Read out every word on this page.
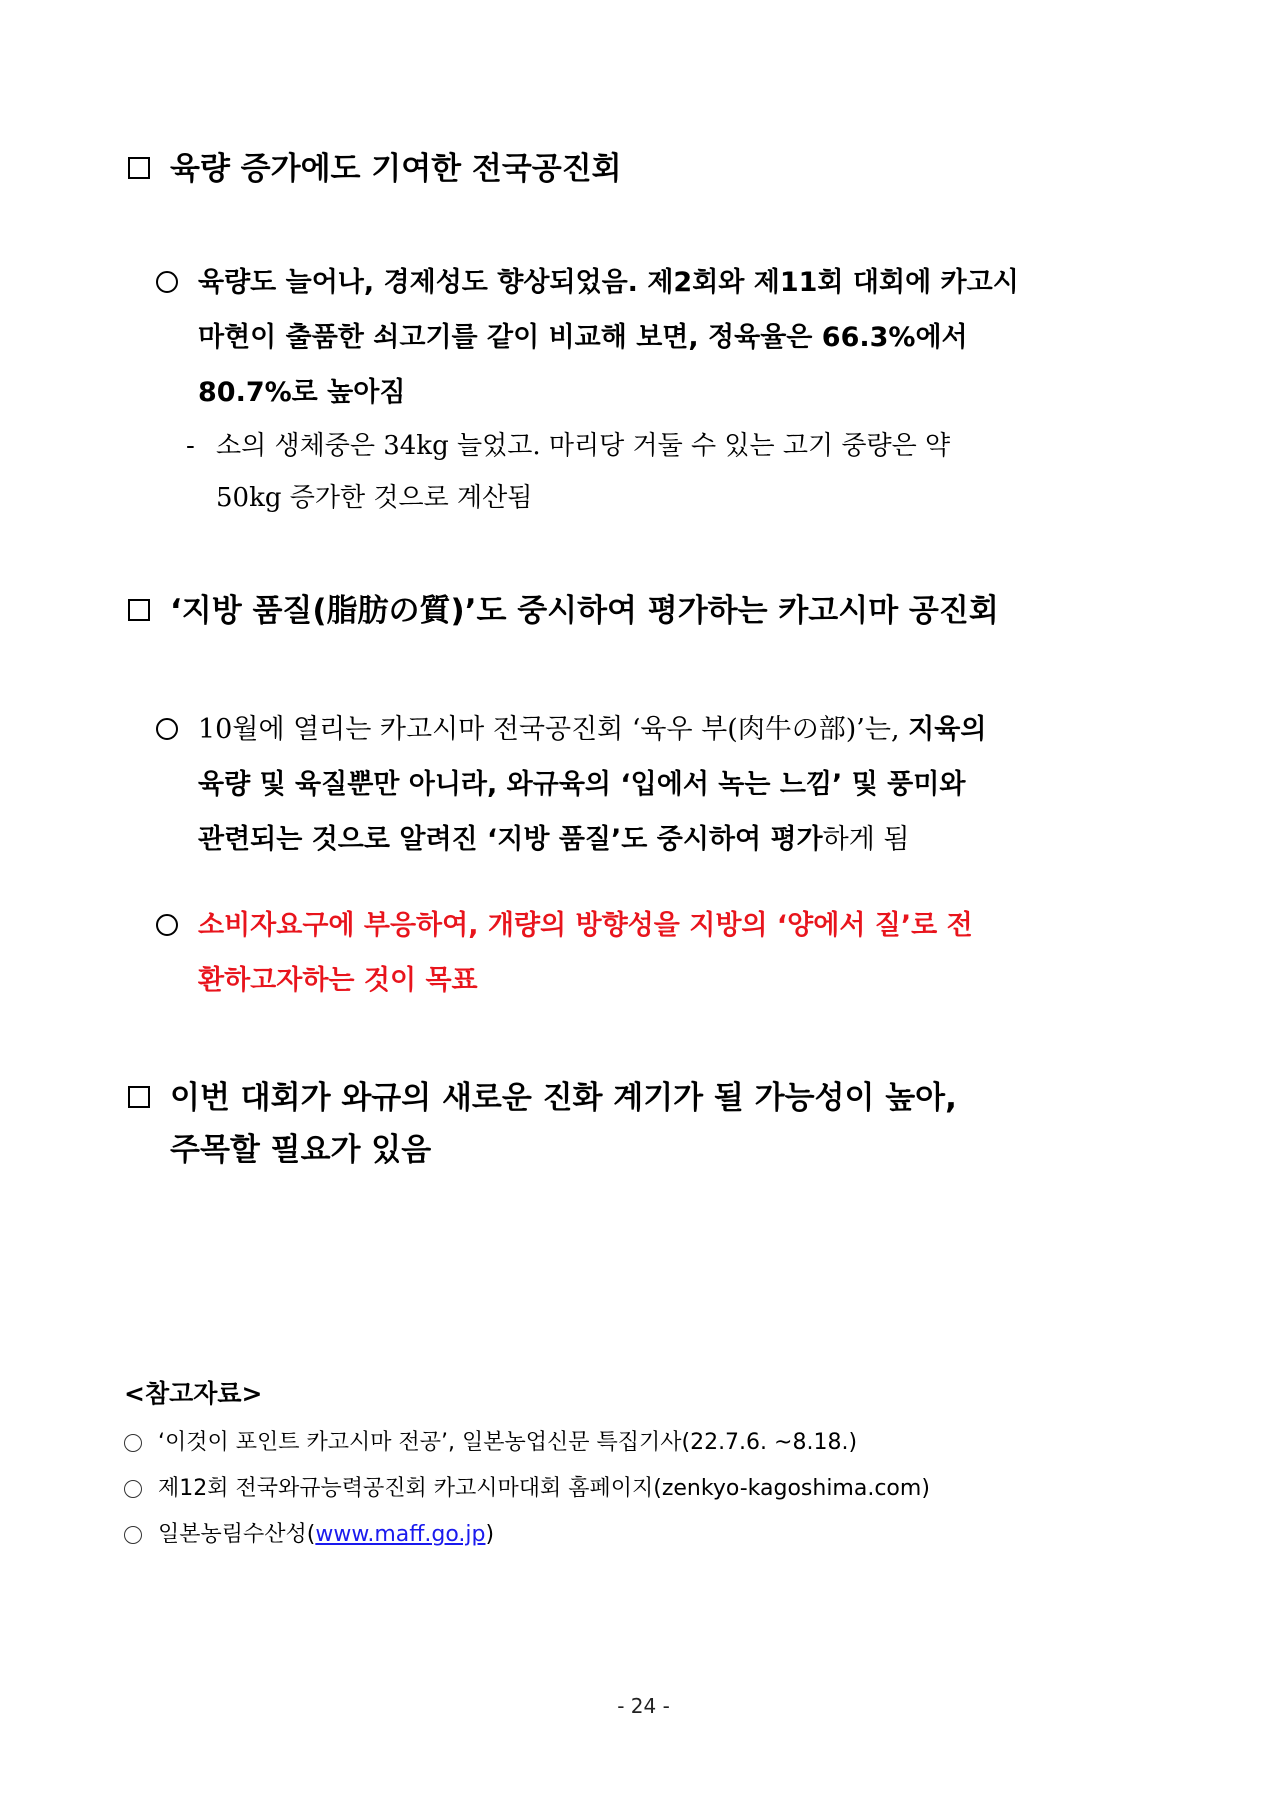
육량 증가에도 기여한 전국공진회
육량도 늘어나, 경제성도 향상되었음. 제2회와 제11회 대회에 카고시
마현이 출품한 쇠고기를 같이 비교해 보면, 정육율은 66.3%에서
80.7%로 높아짐
- 소의 생체중은 34kg 늘었고. 마리당 거둘 수 있는 고기 중량은 약
50kg 증가한 것으로 계산됨
‘지방 품질(脂肪の質)’도 중시하여 평가하는 카고시마 공진회
10월에 열리는 카고시마 전국공진회 ‘육우 부(肉牛の部)’는, 지육의
육량 및 육질뿐만 아니라, 와규육의 ‘입에서 녹는 느낌’ 및 풍미와
관련되는 것으로 알려진 ‘지방 품질’도 중시하여 평가하게 됨
소비자요구에 부응하여, 개량의 방향성을 지방의 ‘양에서 질’로 전
환하고자하는 것이 목표
이번 대회가 와규의 새로운 진화 계기가 될 가능성이 높아,
주목할 필요가 있음
<참고자료>
‘이것이 포인트 카고시마 전공’, 일본농업신문 특집기사(22.7.6. ~8.18.)
제12회 전국와규능력공진회 카고시마대회 홈페이지(zenkyo-kagoshima.com)
일본농림수산성(www.maff.go.jp)
- 24 -
